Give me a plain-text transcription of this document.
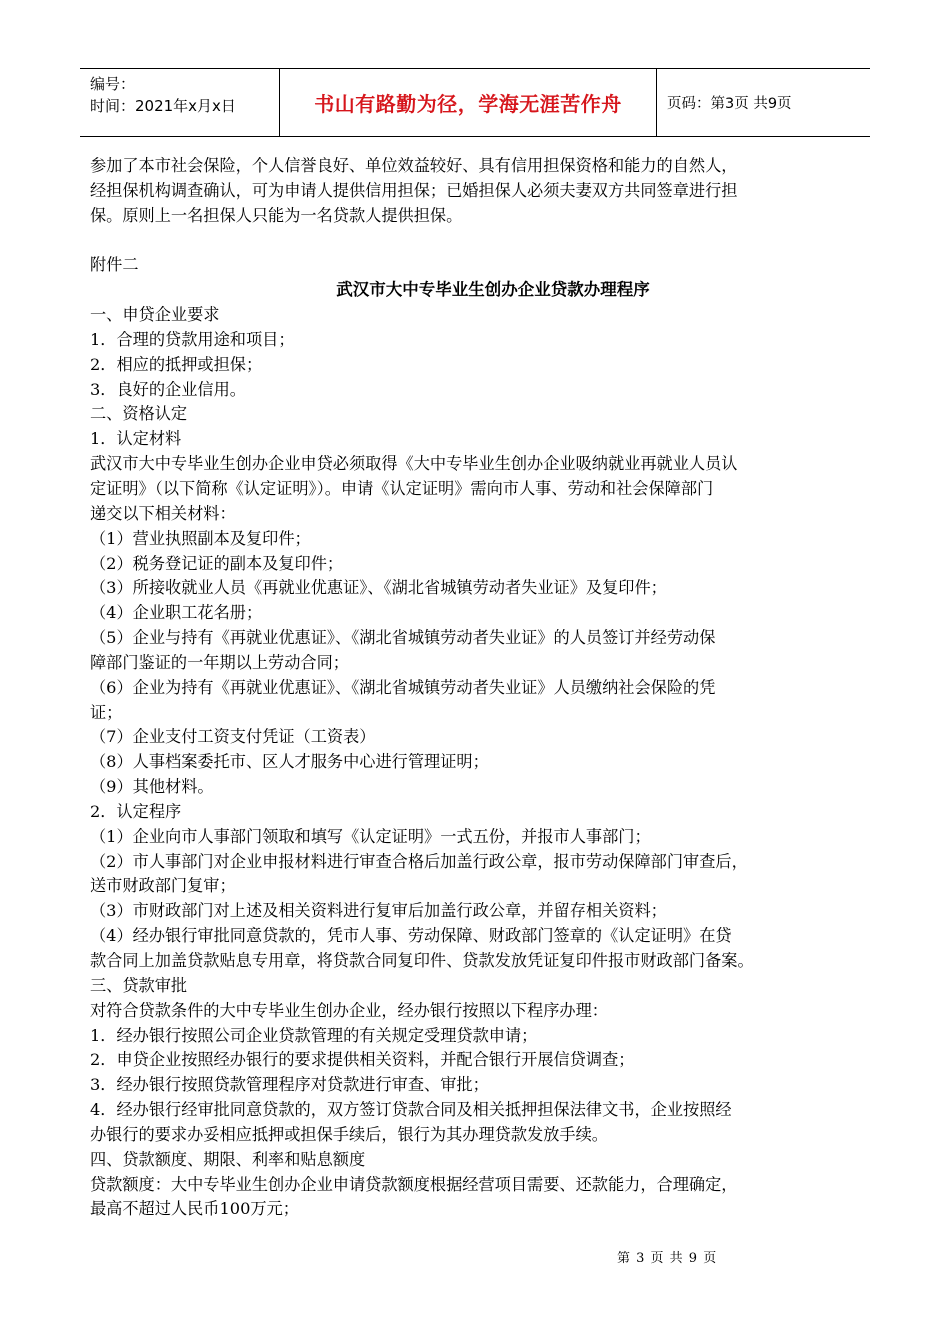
编号：
时间：2021年x月x日	书山有路勤为径，学海无涯苦作舟	页码：第3页 共9页

参加了本市社会保险，个人信誉良好、单位效益较好、具有信用担保资格和能力的自然人，

经担保机构调查确认，可为申请人提供信用担保；已婚担保人必须夫妻双方共同签章进行担

保。原则上一名担保人只能为一名贷款人提供担保。

附件二

武汉市大中专毕业生创办企业贷款办理程序

一、申贷企业要求

1．合理的贷款用途和项目；

2．相应的抵押或担保；

3．良好的企业信用。

二、资格认定

1．认定材料

武汉市大中专毕业生创办企业申贷必须取得《大中专毕业生创办企业吸纳就业再就业人员认

定证明》（以下简称《认定证明》）。申请《认定证明》需向市人事、劳动和社会保障部门

递交以下相关材料：

（1）营业执照副本及复印件；

（2）税务登记证的副本及复印件；

（3）所接收就业人员《再就业优惠证》、《湖北省城镇劳动者失业证》及复印件；

（4）企业职工花名册；

（5）企业与持有《再就业优惠证》、《湖北省城镇劳动者失业证》的人员签订并经劳动保

障部门鉴证的一年期以上劳动合同；

（6）企业为持有《再就业优惠证》、《湖北省城镇劳动者失业证》人员缴纳社会保险的凭

证；

（7）企业支付工资支付凭证（工资表）

（8）人事档案委托市、区人才服务中心进行管理证明；

（9）其他材料。

2．认定程序

（1）企业向市人事部门领取和填写《认定证明》一式五份，并报市人事部门；

（2）市人事部门对企业申报材料进行审查合格后加盖行政公章，报市劳动保障部门审查后，

送市财政部门复审；

（3）市财政部门对上述及相关资料进行复审后加盖行政公章，并留存相关资料；

（4）经办银行审批同意贷款的，凭市人事、劳动保障、财政部门签章的《认定证明》在贷

款合同上加盖贷款贴息专用章，将贷款合同复印件、贷款发放凭证复印件报市财政部门备案。

三、贷款审批

对符合贷款条件的大中专毕业生创办企业，经办银行按照以下程序办理：

1．经办银行按照公司企业贷款管理的有关规定受理贷款申请；

2．申贷企业按照经办银行的要求提供相关资料，并配合银行开展信贷调查；

3．经办银行按照贷款管理程序对贷款进行审查、审批；

4．经办银行经审批同意贷款的，双方签订贷款合同及相关抵押担保法律文书，企业按照经

办银行的要求办妥相应抵押或担保手续后，银行为其办理贷款发放手续。

四、贷款额度、期限、利率和贴息额度

贷款额度：大中专毕业生创办企业申请贷款额度根据经营项目需要、还款能力，合理确定，

最高不超过人民币100万元；

第 3 页 共 9 页
